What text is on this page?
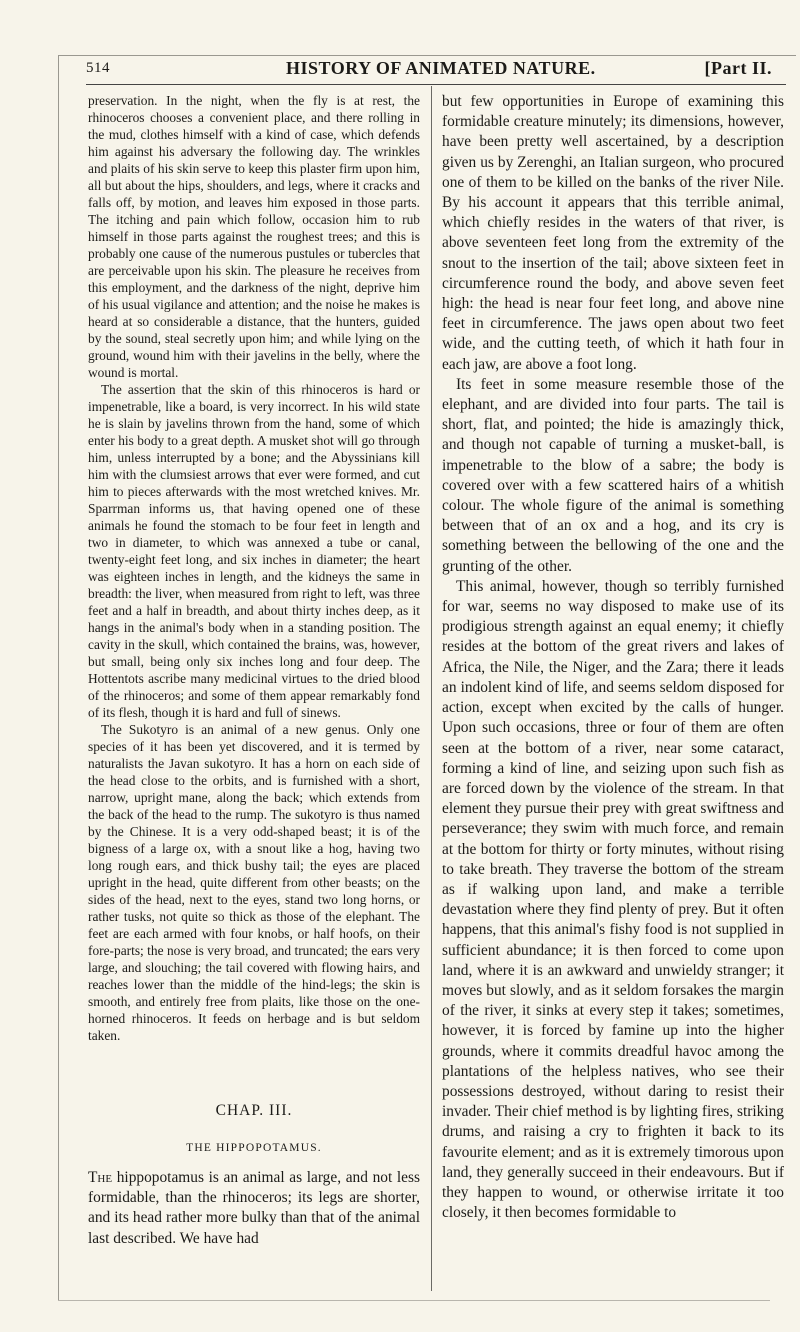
514	HISTORY OF ANIMATED NATURE.	[Part II.

preservation. In the night, when the fly is at rest, the rhinoceros chooses a convenient place, and there rolling in the mud, clothes himself with a kind of case, which defends him against his adversary the following day. The wrinkles and plaits of his skin serve to keep this plaster firm upon him, all but about the hips, shoulders, and legs, where it cracks and falls off, by motion, and leaves him exposed in those parts. The itching and pain which follow, occasion him to rub himself in those parts against the roughest trees; and this is probably one cause of the numerous pustules or tubercles that are perceivable upon his skin. The pleasure he receives from this employment, and the darkness of the night, deprive him of his usual vigilance and attention; and the noise he makes is heard at so considerable a distance, that the hunters, guided by the sound, steal secretly upon him; and while lying on the ground, wound him with their javelins in the belly, where the wound is mortal.

The assertion that the skin of this rhinoceros is hard or impenetrable, like a board, is very incorrect. In his wild state he is slain by javelins thrown from the hand, some of which enter his body to a great depth. A musket shot will go through him, unless interrupted by a bone; and the Abyssinians kill him with the clumsiest arrows that ever were formed, and cut him to pieces afterwards with the most wretched knives. Mr. Sparrman informs us, that having opened one of these animals he found the stomach to be four feet in length and two in diameter, to which was annexed a tube or canal, twenty-eight feet long, and six inches in diameter; the heart was eighteen inches in length, and the kidneys the same in breadth: the liver, when measured from right to left, was three feet and a half in breadth, and about thirty inches deep, as it hangs in the animal's body when in a standing position. The cavity in the skull, which contained the brains, was, however, but small, being only six inches long and four deep. The Hottentots ascribe many medicinal virtues to the dried blood of the rhinoceros; and some of them appear remarkably fond of its flesh, though it is hard and full of sinews.

The Sukotyro is an animal of a new genus. Only one species of it has been yet discovered, and it is termed by naturalists the Javan sukotyro. It has a horn on each side of the head close to the orbits, and is furnished with a short, narrow, upright mane, along the back; which extends from the back of the head to the rump. The sukotyro is thus named by the Chinese. It is a very odd-shaped beast; it is of the bigness of a large ox, with a snout like a hog, having two long rough ears, and thick bushy tail; the eyes are placed upright in the head, quite different from other beasts; on the sides of the head, next to the eyes, stand two long horns, or rather tusks, not quite so thick as those of the elephant. The feet are each armed with four knobs, or half hoofs, on their fore-parts; the nose is very broad, and truncated; the ears very large, and slouching; the tail covered with flowing hairs, and reaches lower than the middle of the hind-legs; the skin is smooth, and entirely free from plaits, like those on the one-horned rhinoceros. It feeds on herbage and is but seldom taken.

CHAP. III.
THE HIPPOPOTAMUS.

The hippopotamus is an animal as large, and not less formidable, than the rhinoceros; its legs are shorter, and its head rather more bulky than that of the animal last described. We have had

but few opportunities in Europe of examining this formidable creature minutely; its dimensions, however, have been pretty well ascertained, by a description given us by Zerenghi, an Italian surgeon, who procured one of them to be killed on the banks of the river Nile. By his account it appears that this terrible animal, which chiefly resides in the waters of that river, is above seventeen feet long from the extremity of the snout to the insertion of the tail; above sixteen feet in circumference round the body, and above seven feet high: the head is near four feet long, and above nine feet in circumference. The jaws open about two feet wide, and the cutting teeth, of which it hath four in each jaw, are above a foot long.

Its feet in some measure resemble those of the elephant, and are divided into four parts. The tail is short, flat, and pointed; the hide is amazingly thick, and though not capable of turning a musket-ball, is impenetrable to the blow of a sabre; the body is covered over with a few scattered hairs of a whitish colour. The whole figure of the animal is something between that of an ox and a hog, and its cry is something between the bellowing of the one and the grunting of the other.

This animal, however, though so terribly furnished for war, seems no way disposed to make use of its prodigious strength against an equal enemy; it chiefly resides at the bottom of the great rivers and lakes of Africa, the Nile, the Niger, and the Zara; there it leads an indolent kind of life, and seems seldom disposed for action, except when excited by the calls of hunger. Upon such occasions, three or four of them are often seen at the bottom of a river, near some cataract, forming a kind of line, and seizing upon such fish as are forced down by the violence of the stream. In that element they pursue their prey with great swiftness and perseverance; they swim with much force, and remain at the bottom for thirty or forty minutes, without rising to take breath. They traverse the bottom of the stream as if walking upon land, and make a terrible devastation where they find plenty of prey. But it often happens, that this animal's fishy food is not supplied in sufficient abundance; it is then forced to come upon land, where it is an awkward and unwieldy stranger; it moves but slowly, and as it seldom forsakes the margin of the river, it sinks at every step it takes; sometimes, however, it is forced by famine up into the higher grounds, where it commits dreadful havoc among the plantations of the helpless natives, who see their possessions destroyed, without daring to resist their invader. Their chief method is by lighting fires, striking drums, and raising a cry to frighten it back to its favourite element; and as it is extremely timorous upon land, they generally succeed in their endeavours. But if they happen to wound, or otherwise irritate it too closely, it then becomes formidable to
